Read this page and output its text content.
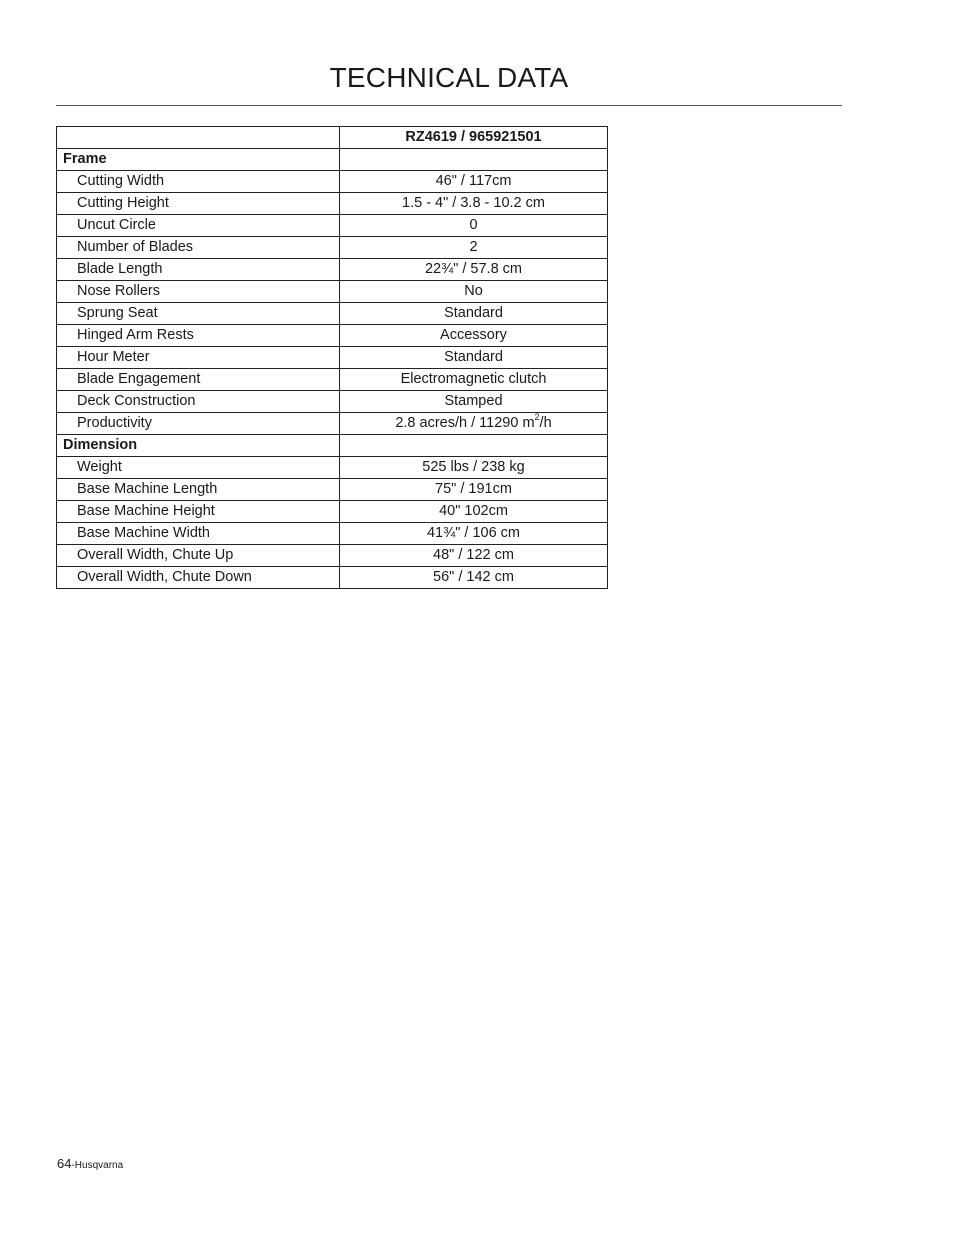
TECHNICAL DATA
	RZ4619 / 965921501
Frame	
Cutting Width	46" / 117cm
Cutting Height	1.5 - 4" / 3.8 - 10.2 cm
Uncut Circle	0
Number of Blades	2
Blade Length	22¾" / 57.8 cm
Nose Rollers	No
Sprung Seat	Standard
Hinged Arm Rests	Accessory
Hour Meter	Standard
Blade Engagement	Electromagnetic clutch
Deck Construction	Stamped
Productivity	2.8 acres/h / 11290 $m^2/h$
Dimension	
Weight	525 lbs / 238 kg
Base Machine Length	75" / 191cm
Base Machine Height	40" 102cm
Base Machine Width	41¾" / 106 cm
Overall Width, Chute Up	48" / 122 cm
Overall Width, Chute Down	56" / 142 cm
64-Husqvarna
